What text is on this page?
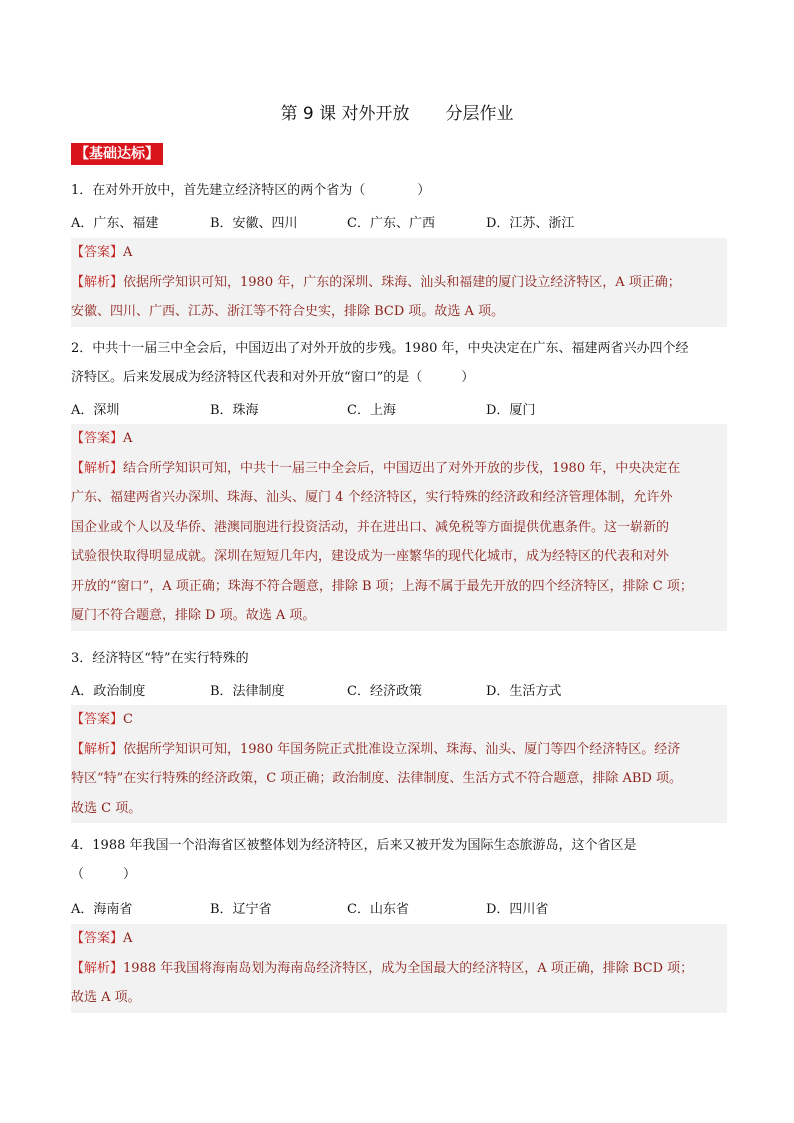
第 9 课 对外开放 分层作业
【基础达标】
1．在对外开放中，首先建立经济特区的两个省为（　　　　）
A．广东、福建	B．安徽、四川	C．广东、广西	D．江苏、浙江
【答案】A
【解析】依据所学知识可知，1980 年，广东的深圳、珠海、汕头和福建的厦门设立经济特区，A 项正确；
安徽、四川、广西、江苏、浙江等不符合史实，排除 BCD 项。故选 A 项。
2．中共十一届三中全会后，中国迈出了对外开放的步残。1980 年，中央决定在广东、福建两省兴办四个经
济特区。后来发展成为经济特区代表和对外开放“窗口”的是（　　　）
A．深圳	B．珠海	C．上海	D．厦门
【答案】A
【解析】结合所学知识可知，中共十一届三中全会后，中国迈出了对外开放的步伐，1980 年，中央决定在
广东、福建两省兴办深圳、珠海、汕头、厦门 4 个经济特区，实行特殊的经济政和经济管理体制，允许外
国企业或个人以及华侨、港澳同胞进行投资活动，并在进出口、减免税等方面提供优惠条件。这一崭新的
试验很快取得明显成就。深圳在短短几年内，建设成为一座繁华的现代化城市，成为经特区的代表和对外
开放的“窗口”，A 项正确；珠海不符合题意，排除 B 项；上海不属于最先开放的四个经济特区，排除 C 项；
厦门不符合题意，排除 D 项。故选 A 项。
3．经济特区“特”在实行特殊的
A．政治制度	B．法律制度	C．经济政策	D．生活方式
【答案】C
【解析】依据所学知识可知，1980 年国务院正式批准设立深圳、珠海、汕头、厦门等四个经济特区。经济
特区“特”在实行特殊的经济政策，C 项正确；政治制度、法律制度、生活方式不符合题意，排除 ABD 项。
故选 C 项。
4．1988 年我国一个沿海省区被整体划为经济特区，后来又被开发为国际生态旅游岛，这个省区是
（　　　）
A．海南省	B．辽宁省	C．山东省	D．四川省
【答案】A
【解析】1988 年我国将海南岛划为海南岛经济特区，成为全国最大的经济特区，A 项正确，排除 BCD 项；
故选 A 项。
